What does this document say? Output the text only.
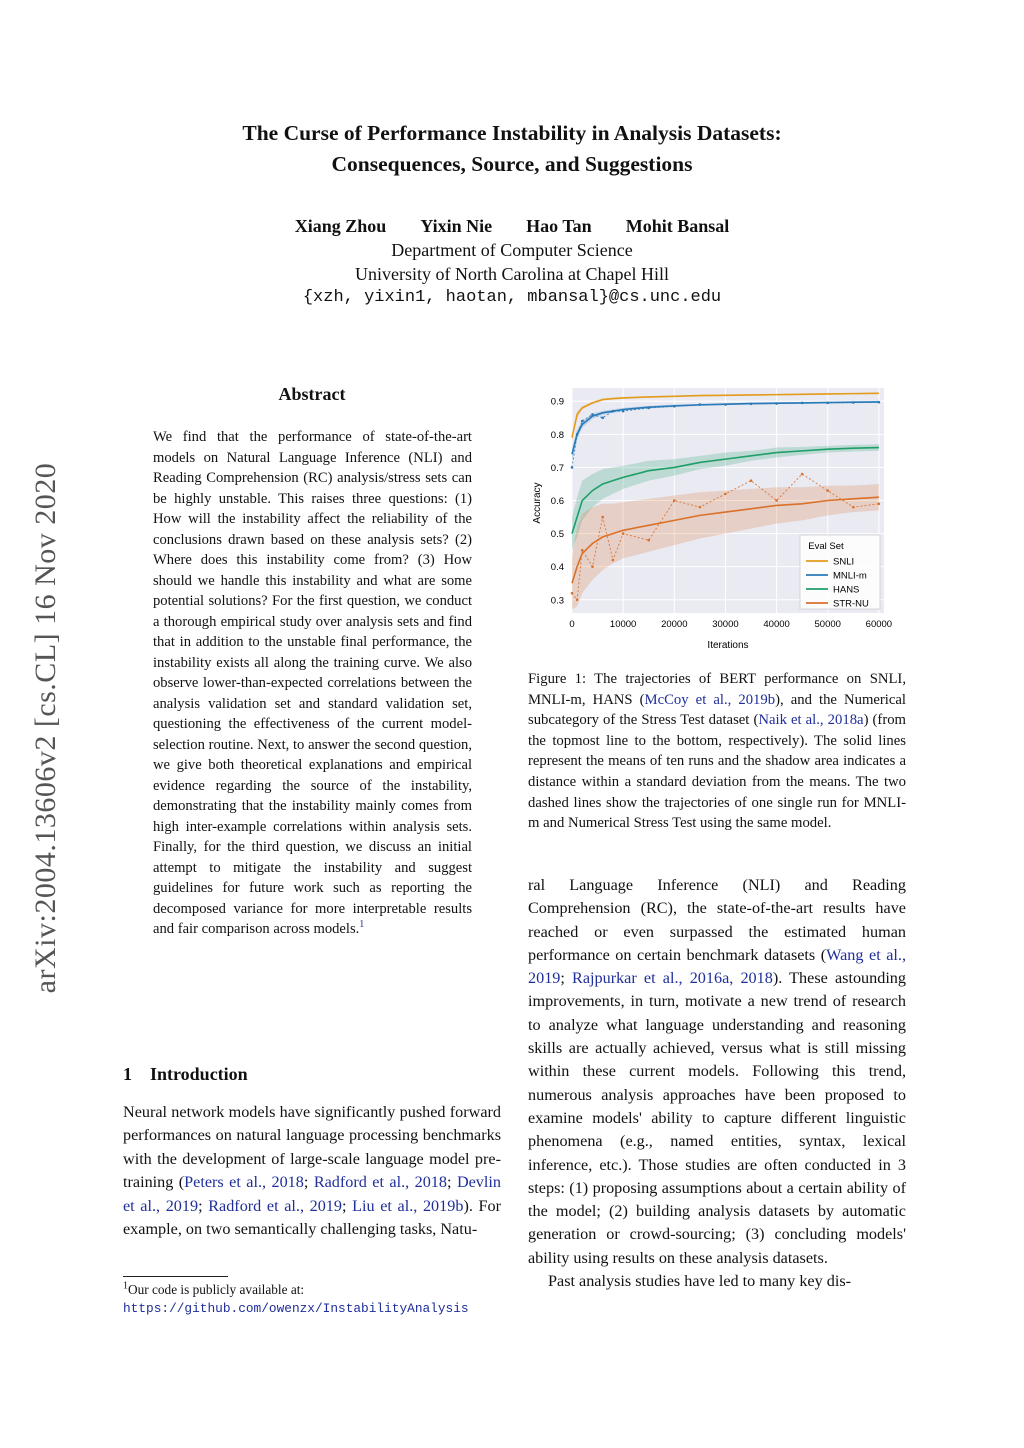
The Curse of Performance Instability in Analysis Datasets:
Consequences, Source, and Suggestions
Xiang Zhou Yixin Nie Hao Tan Mohit Bansal
Department of Computer Science
University of North Carolina at Chapel Hill
{xzh, yixin1, haotan, mbansal}@cs.unc.edu
arXiv:2004.13606v2 [cs.CL] 16 Nov 2020
Abstract
We find that the performance of state-of-the-art models on Natural Language Inference (NLI) and Reading Comprehension (RC) analysis/stress sets can be highly unstable. This raises three questions: (1) How will the instability affect the reliability of the conclusions drawn based on these analysis sets? (2) Where does this instability come from? (3) How should we handle this instability and what are some potential solutions? For the first question, we conduct a thorough empirical study over analysis sets and find that in addition to the unstable final performance, the instability exists all along the training curve. We also observe lower-than-expected correlations between the analysis validation set and standard validation set, questioning the effectiveness of the current model-selection routine. Next, to answer the second question, we give both theoretical explanations and empirical evidence regarding the source of the instability, demonstrating that the instability mainly comes from high inter-example correlations within analysis sets. Finally, for the third question, we discuss an initial attempt to mitigate the instability and suggest guidelines for future work such as reporting the decomposed variance for more interpretable results and fair comparison across models.$^1$
1 Introduction
Neural network models have significantly pushed forward performances on natural language processing benchmarks with the development of large-scale language model pre-training (Peters et al., 2018; Radford et al., 2018; Devlin et al., 2019; Radford et al., 2019; Liu et al., 2019b). For example, on two semantically challenging tasks, Natu-
$^1$Our code is publicly available at: https://github.com/owenzx/InstabilityAnalysis
0	10000	20000	30000	40000	50000	60000
0.3
0.4
0.5
0.6
0.7
0.8
0.9
Accuracy
Iterations
Eval Set
SNLI
MNLI-m
HANS
STR-NU
Figure 1: The trajectories of BERT performance on SNLI, MNLI-m, HANS (McCoy et al., 2019b), and the Numerical subcategory of the Stress Test dataset (Naik et al., 2018a) (from the topmost line to the bottom, respectively). The solid lines represent the means of ten runs and the shadow area indicates a distance within a standard deviation from the means. The two dashed lines show the trajectories of one single run for MNLI-m and Numerical Stress Test using the same model.

ral Language Inference (NLI) and Reading Comprehension (RC), the state-of-the-art results have reached or even surpassed the estimated human performance on certain benchmark datasets (Wang et al., 2019; Rajpurkar et al., 2016a, 2018). These astounding improvements, in turn, motivate a new trend of research to analyze what language understanding and reasoning skills are actually achieved, versus what is still missing within these current models. Following this trend, numerous analysis approaches have been proposed to examine models' ability to capture different linguistic phenomena (e.g., named entities, syntax, lexical inference, etc.). Those studies are often conducted in 3 steps: (1) proposing assumptions about a certain ability of the model; (2) building analysis datasets by automatic generation or crowd-sourcing; (3) concluding models' ability using results on these analysis datasets.

Past analysis studies have led to many key dis-
